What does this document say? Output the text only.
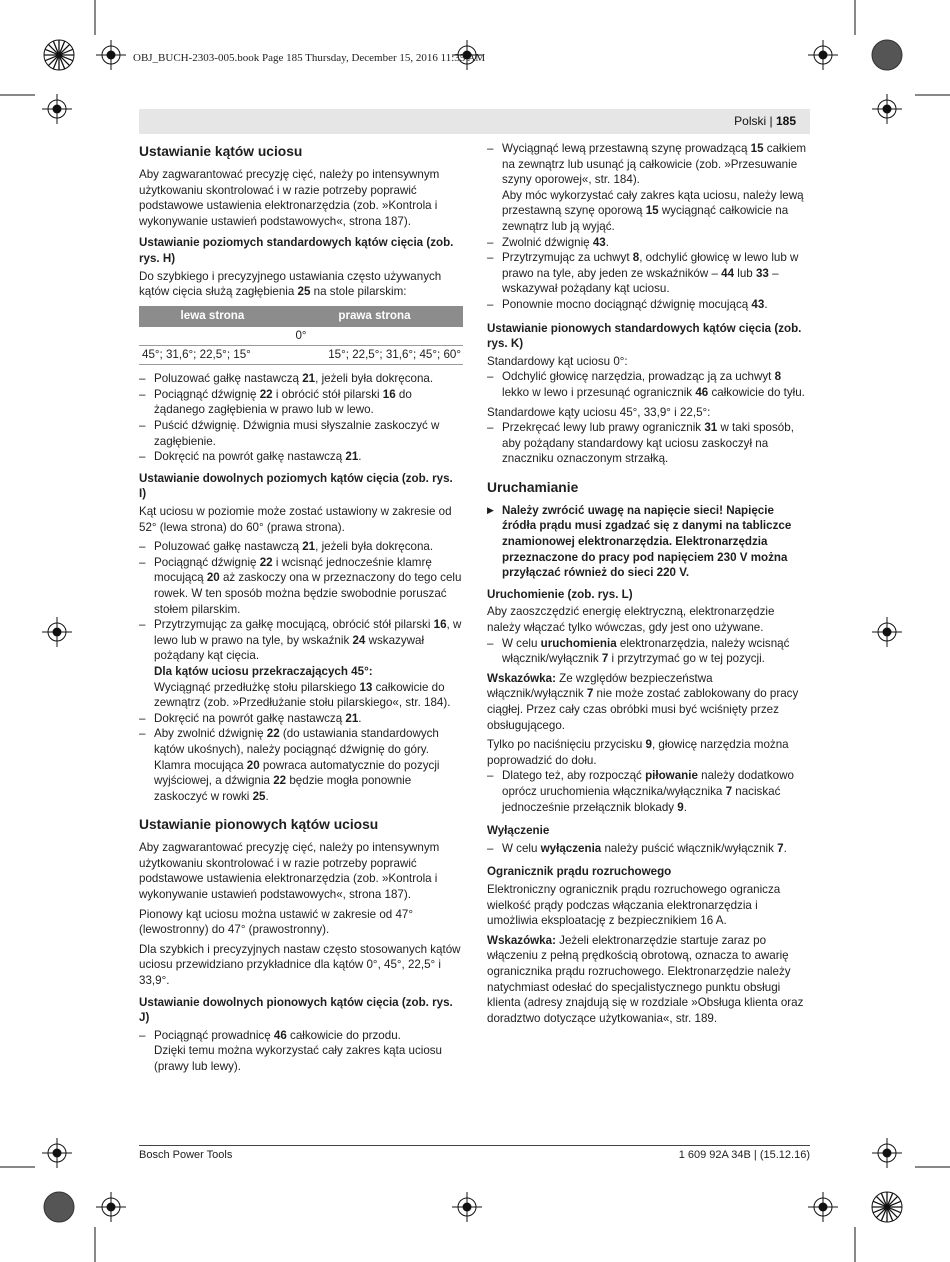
OBJ_BUCH-2303-005.book Page 185 Thursday, December 15, 2016 11:35 AM
Polski | 185
Ustawianie kątów uciosu

Aby zagwarantować precyzję cięć, należy po intensywnym użytkowaniu skontrolować i w razie potrzeby poprawić podstawowe ustawienia elektronarzędzia (zob. »Kontrola i wykonywanie ustawień podstawowych«, strona 187).

Ustawianie poziomych standardowych kątów cięcia (zob. rys. H)

Do szybkiego i precyzyjnego ustawiania często używanych kątów cięcia służą zagłębienia 25 na stole pilarskim:

lewa strona	prawa strona
0°	
45°; 31,6°; 22,5°; 15°	15°; 22,5°; 31,6°; 45°; 60°
– Poluzować gałkę nastawczą 21, jeżeli była dokręcona.
– Pociągnąć dźwignię 22 i obrócić stół pilarski 16 do żądanego zagłębienia w prawo lub w lewo.
– Puścić dźwignię. Dźwignia musi słyszalnie zaskoczyć w zagłębienie.
– Dokręcić na powrót gałkę nastawczą 21.
Ustawianie dowolnych poziomych kątów cięcia (zob. rys. I)

Kąt uciosu w poziomie może zostać ustawiony w zakresie od 52° (lewa strona) do 60° (prawa strona).

– Poluzować gałkę nastawczą 21, jeżeli była dokręcona.
– Pociągnąć dźwignię 22 i wcisnąć jednocześnie klamrę mocującą 20 aż zaskoczy ona w przeznaczony do tego celu rowek. W ten sposób można będzie swobodnie poruszać stołem pilarskim.
– Przytrzymując za gałkę mocującą, obrócić stół pilarski 16, w lewo lub w prawo na tyle, by wskaźnik 24 wskazywał pożądany kąt cięcia.
Dla kątów uciosu przekraczających 45°:
Wyciągnąć przedłużkę stołu pilarskiego 13 całkowicie do zewnątrz (zob. »Przedłużanie stołu pilarskiego«, str. 184).
– Dokręcić na powrót gałkę nastawczą 21.
– Aby zwolnić dźwignię 22 (do ustawiania standardowych kątów ukośnych), należy pociągnąć dźwignię do góry.
Klamra mocująca 20 powraca automatycznie do pozycji wyjściowej, a dźwignia 22 będzie mogła ponownie zaskoczyć w rowki 25.
Ustawianie pionowych kątów uciosu

Aby zagwarantować precyzję cięć, należy po intensywnym użytkowaniu skontrolować i w razie potrzeby poprawić podstawowe ustawienia elektronarzędzia (zob. »Kontrola i wykonywanie ustawień podstawowych«, strona 187).

Pionowy kąt uciosu można ustawić w zakresie od 47° (lewostronny) do 47° (prawostronny).

Dla szybkich i precyzyjnych nastaw często stosowanych kątów uciosu przewidziano przykładnice dla kątów 0°, 45°, 22,5° i 33,9°.

Ustawianie dowolnych pionowych kątów cięcia (zob. rys. J)
– Pociągnąć prowadnicę 46 całkowicie do przodu.
Dzięki temu można wykorzystać cały zakres kąta uciosu (prawy lub lewy).
– Wyciągnąć lewą przestawną szynę prowadzącą 15 całkiem na zewnątrz lub usunąć ją całkowicie (zob. »Przesuwanie szyny oporowej«, str. 184).
Aby móc wykorzystać cały zakres kąta uciosu, należy lewą przestawną szynę oporową 15 wyciągnąć całkowicie na zewnątrz lub ją wyjąć.
– Zwolnić dźwignię 43.
– Przytrzymując za uchwyt 8, odchylić głowicę w lewo lub w prawo na tyle, aby jeden ze wskaźników – 44 lub 33 – wskazywał pożądany kąt uciosu.
– Ponownie mocno dociągnąć dźwignię mocującą 43.
Ustawianie pionowych standardowych kątów cięcia (zob. rys. K)

Standardowy kąt uciosu 0°:

– Odchylić głowicę narzędzia, prowadząc ją za uchwyt 8 lekko w lewo i przesunąć ogranicznik 46 całkowicie do tyłu.

Standardowe kąty uciosu 45°, 33,9° i 22,5°:

– Przekręcać lewy lub prawy ogranicznik 31 w taki sposób, aby pożądany standardowy kąt uciosu zaskoczył na znaczniku oznaczonym strzałką.
Uruchamianie
▶ Należy zwrócić uwagę na napięcie sieci! Napięcie źródła prądu musi zgadzać się z danymi na tabliczce znamionowej elektronarzędzia. Elektronarzędzia przeznaczone do pracy pod napięciem 230 V można przyłączać również do sieci 220 V.
Uruchomienie (zob. rys. L)

Aby zaoszczędzić energię elektryczną, elektronarzędzie należy włączać tylko wówczas, gdy jest ono używane.

– W celu uruchomienia elektronarzędzia, należy wcisnąć włącznik/wyłącznik 7 i przytrzymać go w tej pozycji.

Wskazówka: Ze względów bezpieczeństwa włącznik/wyłącznik 7 nie może zostać zablokowany do pracy ciągłej. Przez cały czas obróbki musi być wciśnięty przez obsługującego.

Tylko po naciśnięciu przycisku 9, głowicę narzędzia można poprowadzić do dołu.

– Dlatego też, aby rozpocząć piłowanie należy dodatkowo oprócz uruchomienia włącznika/wyłącznika 7 naciskać jednocześnie przełącznik blokady 9.
Wyłączenie
– W celu wyłączenia należy puścić włącznik/wyłącznik 7.
Ogranicznik prądu rozruchowego

Elektroniczny ogranicznik prądu rozruchowego ogranicza wielkość prądy podczas włączania elektronarzędzia i umożliwia eksploatację z bezpiecznikiem 16 A.

Wskazówka: Jeżeli elektronarzędzie startuje zaraz po włączeniu z pełną prędkością obrotową, oznacza to awarię ogranicznika prądu rozruchowego. Elektronarzędzie należy natychmiast odesłać do specjalistycznego punktu obsługi klienta (adresy znajdują się w rozdziale »Obsługa klienta oraz doradztwo dotyczące użytkowania«, str. 189.

Bosch Power Tools	1 609 92A 34B | (15.12.16)
